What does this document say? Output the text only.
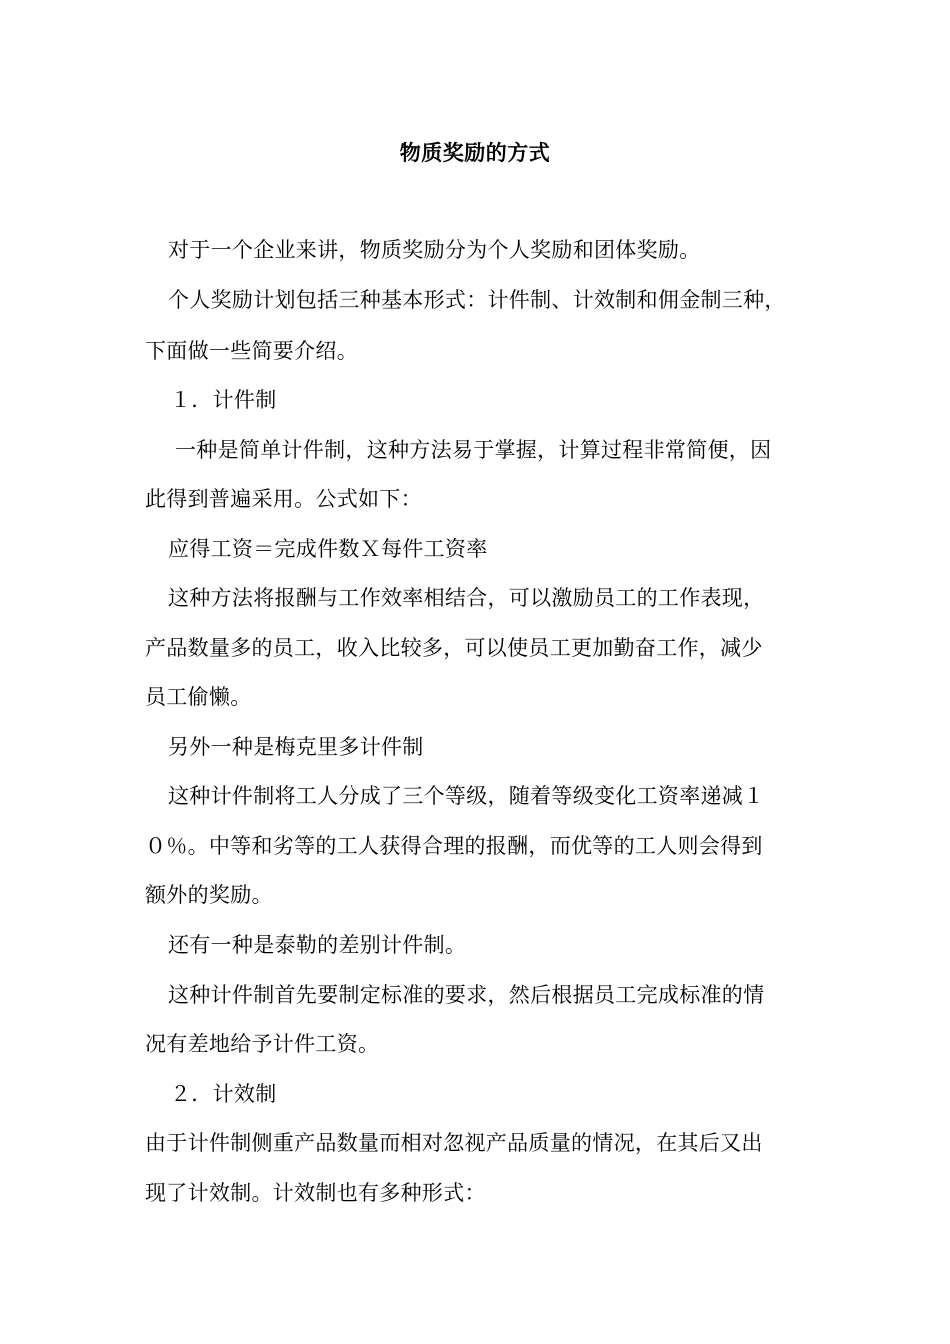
物质奖励的方式
对于一个企业来讲，物质奖励分为个人奖励和团体奖励。
个人奖励计划包括三种基本形式：计件制、计效制和佣金制三种，
下面做一些简要介绍。
１．计件制
一种是简单计件制，这种方法易于掌握，计算过程非常简便，因
此得到普遍采用。公式如下：
应得工资＝完成件数Ｘ每件工资率
这种方法将报酬与工作效率相结合，可以激励员工的工作表现，
产品数量多的员工，收入比较多，可以使员工更加勤奋工作，减少
员工偷懒。
另外一种是梅克里多计件制
这种计件制将工人分成了三个等级，随着等级变化工资率递减１
０％。中等和劣等的工人获得合理的报酬，而优等的工人则会得到
额外的奖励。
还有一种是泰勒的差别计件制。
这种计件制首先要制定标准的要求，然后根据员工完成标准的情
况有差地给予计件工资。
２．计效制
由于计件制侧重产品数量而相对忽视产品质量的情况，在其后又出
现了计效制。计效制也有多种形式：
